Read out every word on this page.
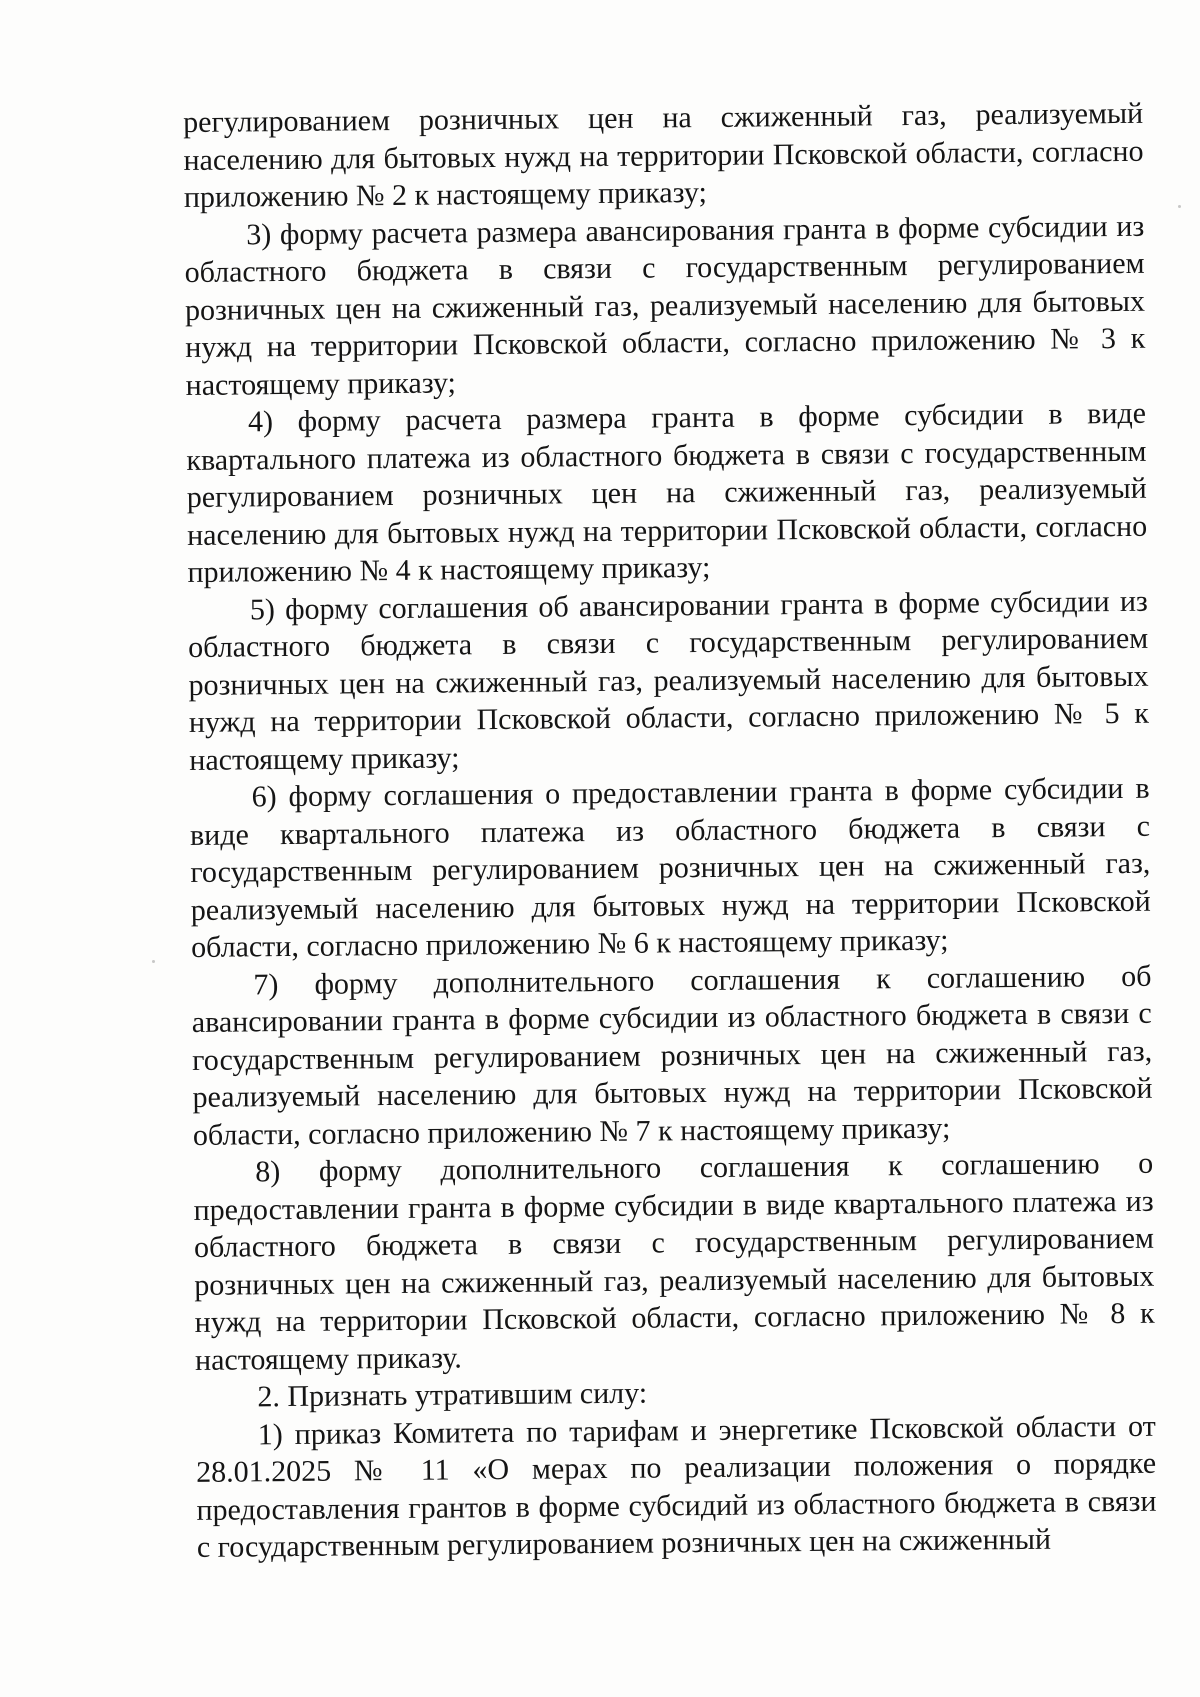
регулированием розничных цен на сжиженный газ, реализуемый населению для бытовых нужд на территории Псковской области, согласно приложению № 2 к настоящему приказу;

3) форму расчета размера авансирования гранта в форме субсидии из областного бюджета в связи с государственным регулированием розничных цен на сжиженный газ, реализуемый населению для бытовых нужд на территории Псковской области, согласно приложению № 3 к настоящему приказу;

4) форму расчета размера гранта в форме субсидии в виде квартального платежа из областного бюджета в связи с государственным регулированием розничных цен на сжиженный газ, реализуемый населению для бытовых нужд на территории Псковской области, согласно приложению № 4 к настоящему приказу;

5) форму соглашения об авансировании гранта в форме субсидии из областного бюджета в связи с государственным регулированием розничных цен на сжиженный газ, реализуемый населению для бытовых нужд на территории Псковской области, согласно приложению № 5 к настоящему приказу;

6) форму соглашения о предоставлении гранта в форме субсидии в виде квартального платежа из областного бюджета в связи с государственным регулированием розничных цен на сжиженный газ, реализуемый населению для бытовых нужд на территории Псковской области, согласно приложению № 6 к настоящему приказу;

7) форму дополнительного соглашения к соглашению об авансировании гранта в форме субсидии из областного бюджета в связи с государственным регулированием розничных цен на сжиженный газ, реализуемый населению для бытовых нужд на территории Псковской области, согласно приложению № 7 к настоящему приказу;

8) форму дополнительного соглашения к соглашению о предоставлении гранта в форме субсидии в виде квартального платежа из областного бюджета в связи с государственным регулированием розничных цен на сжиженный газ, реализуемый населению для бытовых нужд на территории Псковской области, согласно приложению № 8 к настоящему приказу.

2. Признать утратившим силу:

1) приказ Комитета по тарифам и энергетике Псковской области от 28.01.2025 № 11 «О мерах по реализации положения о порядке предоставления грантов в форме субсидий из областного бюджета в связи с государственным регулированием розничных цен на сжиженный
